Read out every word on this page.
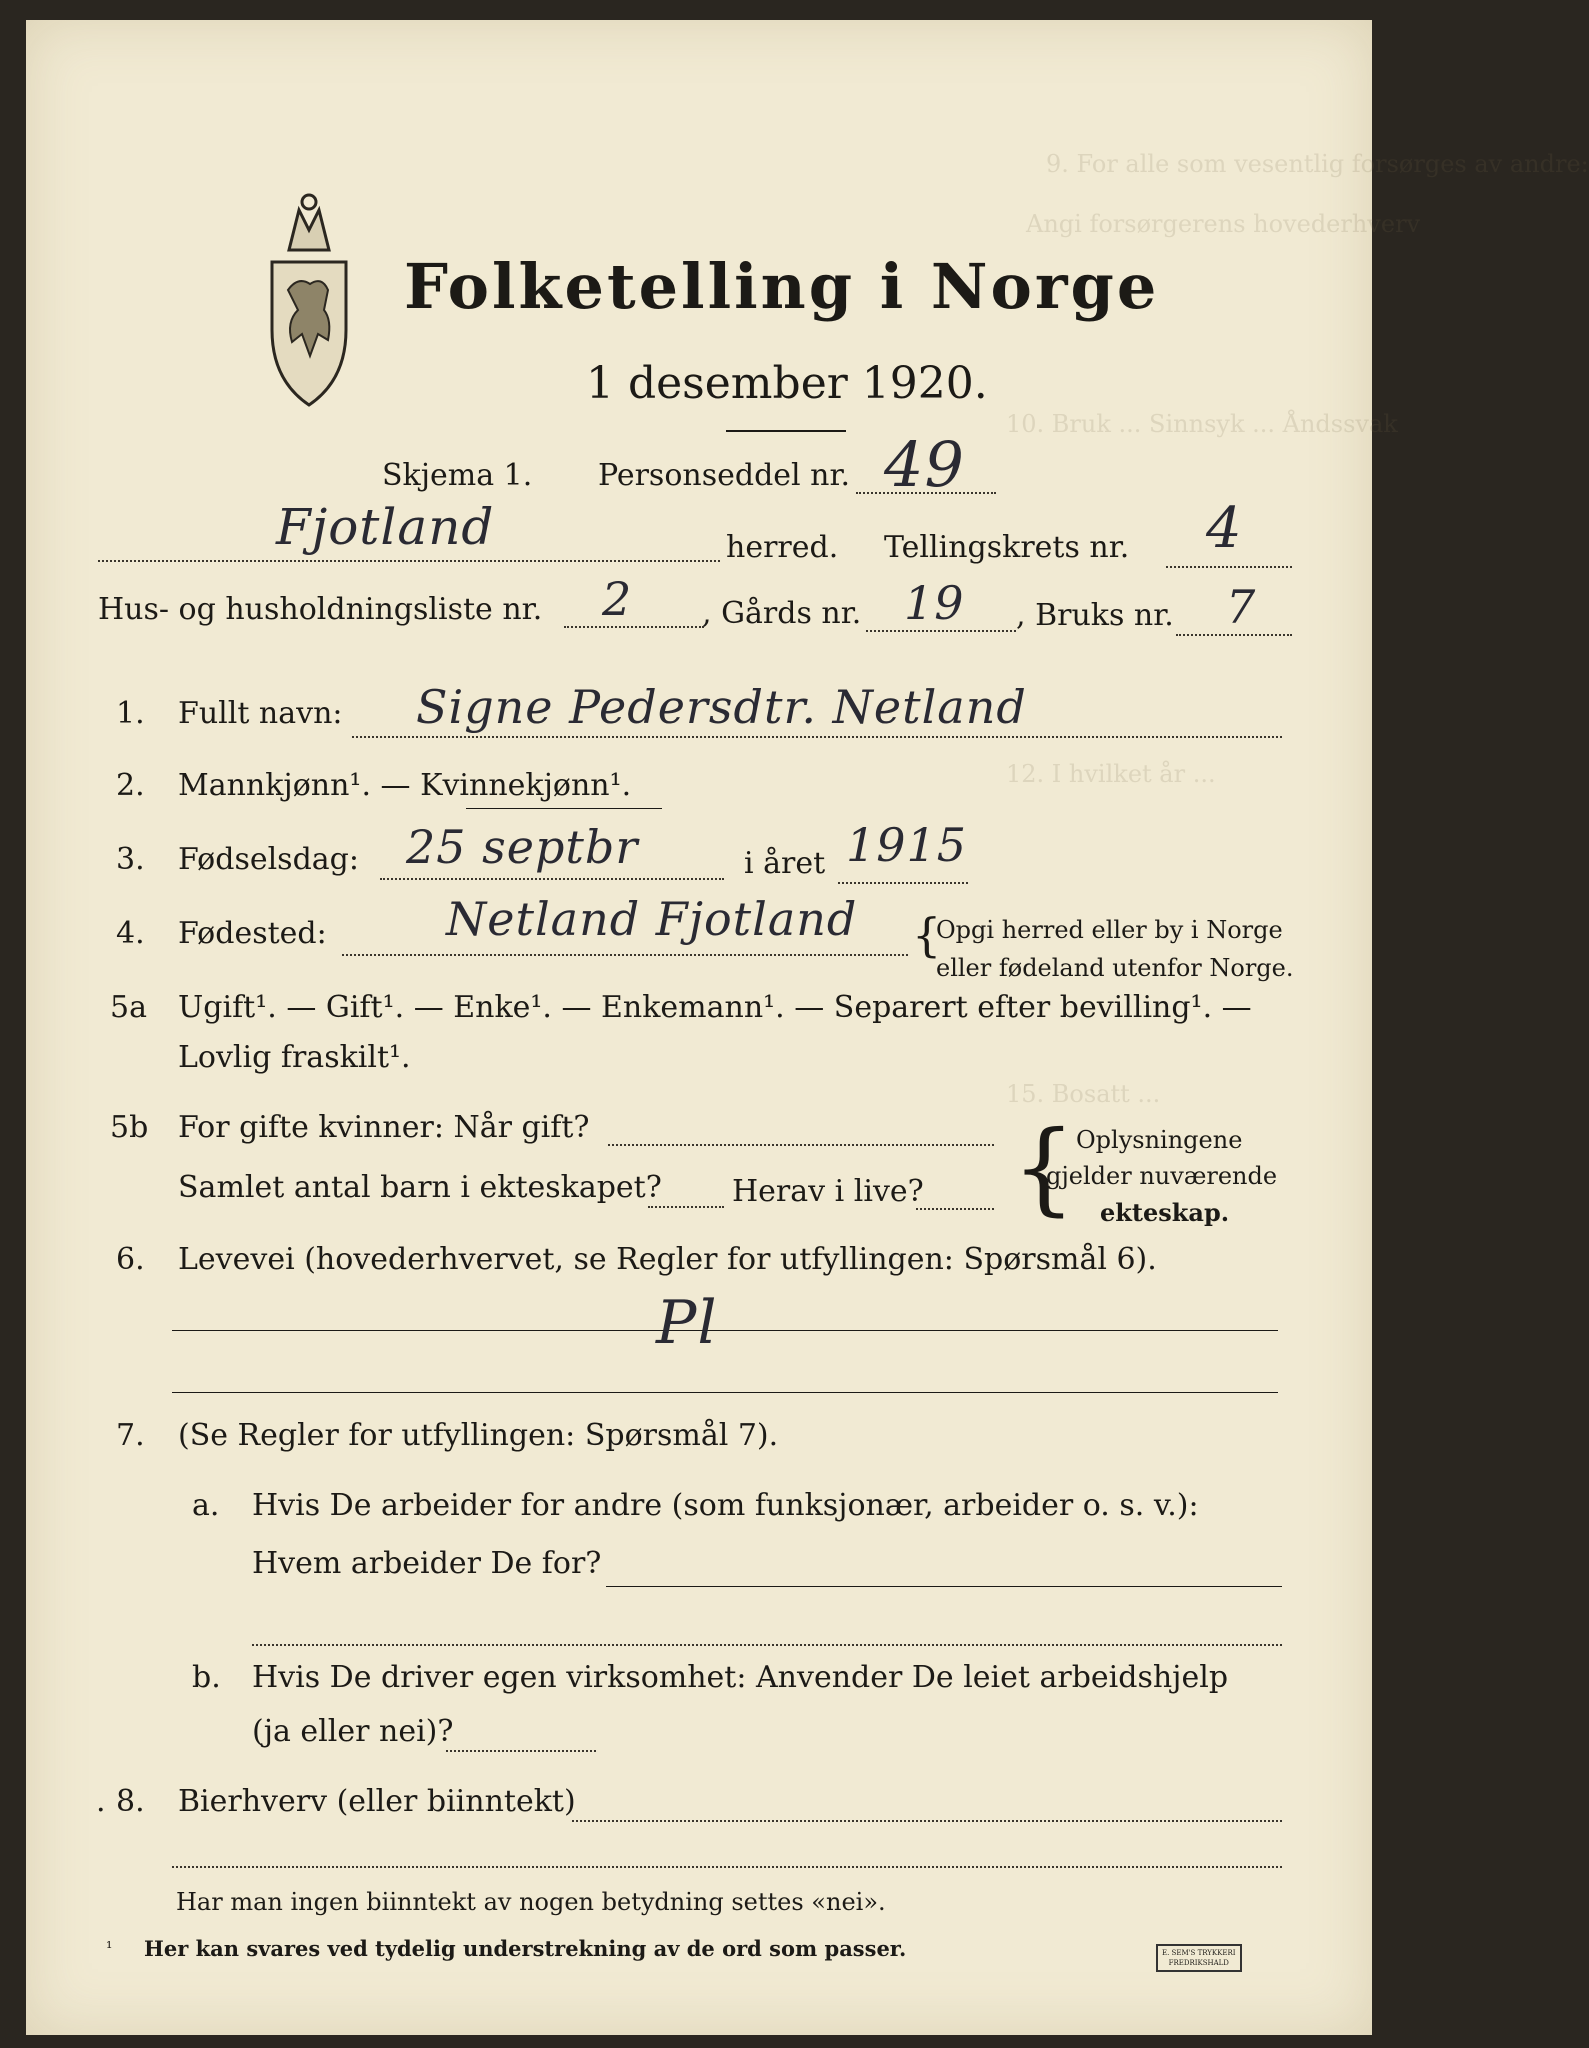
9. For alle som vesentlig forsørges av andre:
Angi forsørgerens hovederhverv
10. Bruk ... Sinnsyk ... Åndssvak
12. I hvilket år ...
15. Bosatt ...
Folketelling i Norge
1 desember 1920.
Skjema 1. Personseddel nr. 49
Fjotland	herred. Tellingskrets nr. 4
Hus- og husholdningsliste nr. 2 , Gårds nr. 19 , Bruks nr. 7
1. Fullt navn: Signe Pedersdtr. Netland
2. Mannkjønn¹. — Kvinnekjønn¹.
3. Fødselsdag: 25 septbr	i året 1915
4. Fødested:	Netland Fjotland {
Opgi herred eller by i Norge
eller fødeland utenfor Norge.
5a Ugift¹. — Gift¹. — Enke¹. — Enkemann¹. — Separert efter bevilling¹. —
Lovlig fraskilt¹.
5b For gifte kvinner: Når gift?
Samlet antal barn i ekteskapet? Herav i live? { Oplysningene
gjelder nuværende
ekteskap.
6. Levevei (hovederhvervet, se Regler for utfyllingen: Spørsmål 6).
Pl
7. (Se Regler for utfyllingen: Spørsmål 7).
a. Hvis De arbeider for andre (som funksjonær, arbeider o. s. v.):
Hvem arbeider De for?
b. Hvis De driver egen virksomhet: Anvender De leiet arbeidshjelp
(ja eller nei)?
. 8. Bierhverv (eller biinntekt)
Har man ingen biinntekt av nogen betydning settes «nei».
¹ Her kan svares ved tydelig understrekning av de ord som passer.	E. SEM'S TRYKKERI
FREDRIKSHALD
